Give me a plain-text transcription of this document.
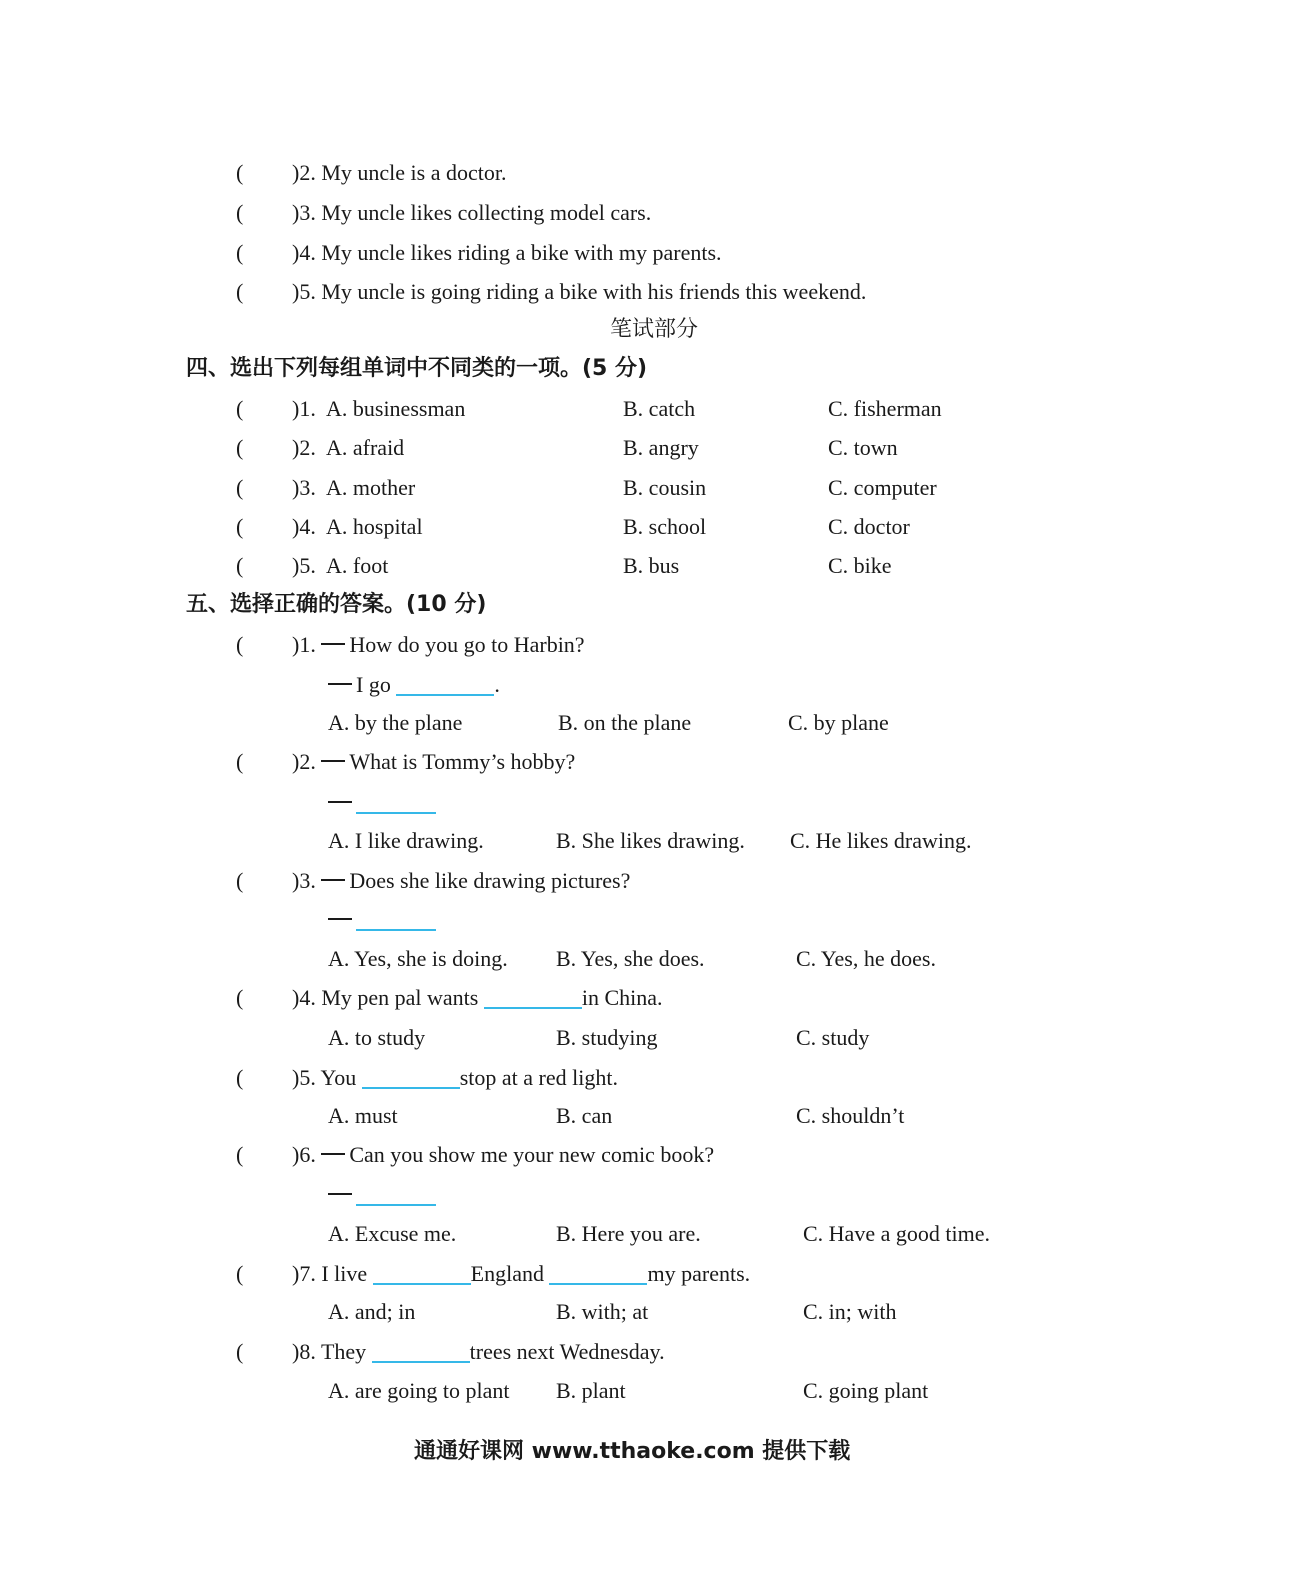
( )2. My uncle is a doctor.
( )3. My uncle likes collecting model cars.
( )4. My uncle likes riding a bike with my parents.
( )5. My uncle is going riding a bike with his friends this weekend.
笔试部分
四、选出下列每组单词中不同类的一项。(5 分)
( )1. A. businessman	B. catch	C. fisherman
( )2. A. afraid	B. angry	C. town
( )3. A. mother	B. cousin	C. computer
( )4. A. hospital	B. school	C. doctor
( )5. A. foot	B. bus	C. bike
五、选择正确的答案。(10 分)
( )1. How do you go to Harbin?
I go	.
A. by the plane	B. on the plane	C. by plane
( )2. What is Tommy’s hobby?
A. I like drawing.	B. She likes drawing. C. He likes drawing.
( )3. Does she like drawing pictures?
A. Yes, she is doing. B. Yes, she does.	C. Yes, he does.
( )4. My pen pal wants	in China.
A. to study	B. studying	C. study
( )5. You	stop at a red light.
A. must	B. can	C. shouldn’t
( )6. Can you show me your new comic book?
A. Excuse me.	B. Here you are.	C. Have a good time.
( )7. I live	England	my parents.
A. and; in	B. with; at	C. in; with
( )8. They	trees next Wednesday.
A. are going to plant B. plant	C. going plant
通通好课网 www.tthaoke.com 提供下载
